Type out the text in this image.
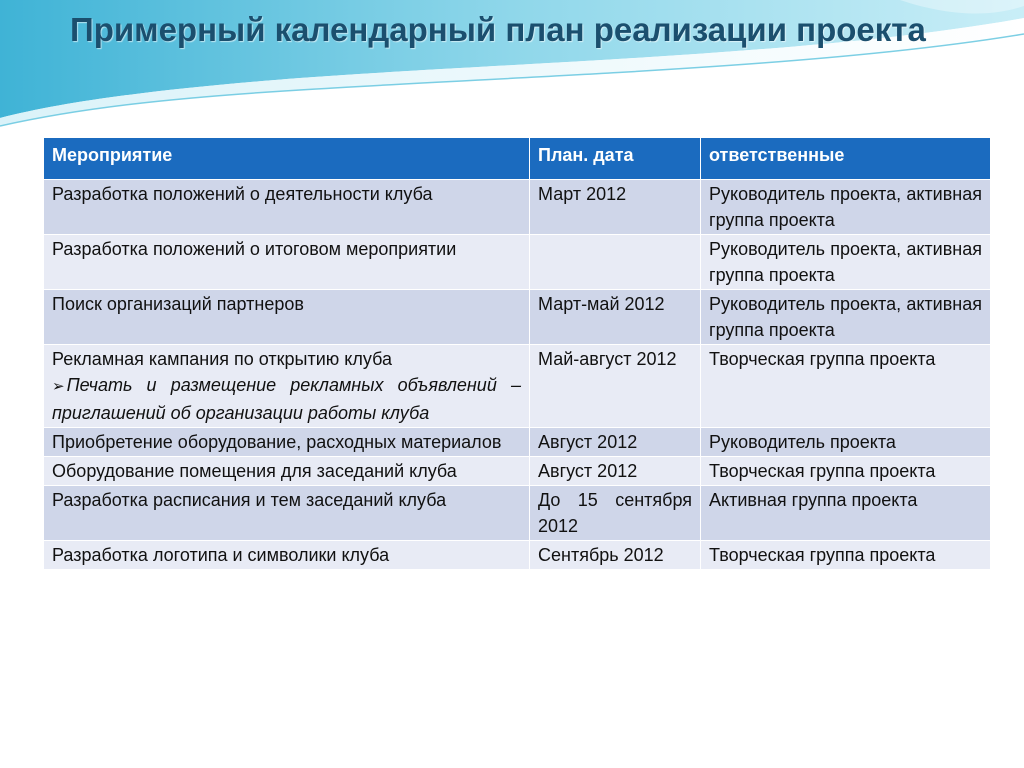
Примерный календарный план реализации проекта
Мероприятие	План. дата	ответственные
Разработка положений о деятельности клуба	Март 2012	Руководитель проекта, активная группа проекта
Разработка положений о итоговом мероприятии		Руководитель проекта, активная группа проекта
Поиск организаций партнеров	Март-май 2012	Руководитель проекта, активная группа проекта

Рекламная кампания по открытию клуба
➢ Печать и размещение рекламных объявлений – приглашений об организации работы клуба	Май-август 2012	Творческая группа проекта
Приобретение оборудование, расходных материалов	Август 2012	Руководитель проекта
Оборудование помещения для заседаний клуба	Август 2012	Творческая группа проекта
Разработка расписания и тем заседаний клуба	До 15 сентября 2012	Активная группа проекта
Разработка логотипа и символики клуба	Сентябрь 2012	Творческая группа проекта
